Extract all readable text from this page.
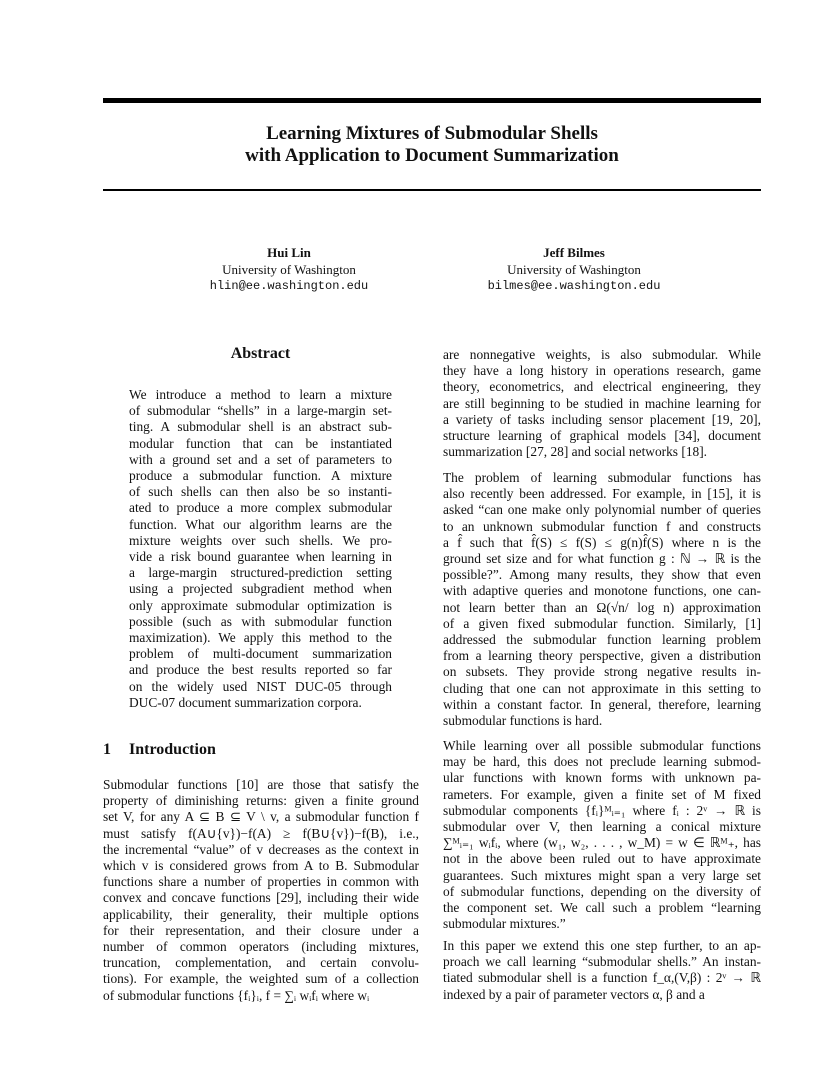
Learning Mixtures of Submodular Shells
with Application to Document Summarization
Hui Lin
University of Washington
hlin@ee.washington.edu
Jeff Bilmes
University of Washington
bilmes@ee.washington.edu
Abstract
We introduce a method to learn a mixture
of submodular “shells” in a large-margin set-
ting. A submodular shell is an abstract sub-
modular function that can be instantiated
with a ground set and a set of parameters to
produce a submodular function. A mixture
of such shells can then also be so instanti-
ated to produce a more complex submodular
function. What our algorithm learns are the
mixture weights over such shells. We pro-
vide a risk bound guarantee when learning in
a large-margin structured-prediction setting
using a projected subgradient method when
only approximate submodular optimization is
possible (such as with submodular function
maximization). We apply this method to the
problem of multi-document summarization
and produce the best results reported so far
on the widely used NIST DUC-05 through
DUC-07 document summarization corpora.
1 Introduction
Submodular functions [10] are those that satisfy the
property of diminishing returns: given a finite ground
set V, for any A ⊆ B ⊆ V \ v, a submodular function f
must satisfy f(A∪{v})−f(A) ≥ f(B∪{v})−f(B), i.e.,
the incremental “value” of v decreases as the context in
which v is considered grows from A to B. Submodular
functions share a number of properties in common with
convex and concave functions [29], including their wide
applicability, their generality, their multiple options
for their representation, and their closure under a
number of common operators (including mixtures,
truncation, complementation, and certain convolu-
tions). For example, the weighted sum of a collection
of submodular functions {fᵢ}ᵢ, f = ∑ᵢ wᵢfᵢ where wᵢ
are nonnegative weights, is also submodular. While
they have a long history in operations research, game
theory, econometrics, and electrical engineering, they
are still beginning to be studied in machine learning for
a variety of tasks including sensor placement [19, 20],
structure learning of graphical models [34], document
summarization [27, 28] and social networks [18].
The problem of learning submodular functions has
also recently been addressed. For example, in [15], it is
asked “can one make only polynomial number of queries
to an unknown submodular function f and constructs
a f̂ such that f̂(S) ≤ f(S) ≤ g(n)f̂(S) where n is the
ground set size and for what function g : ℕ → ℝ is the
possible?”. Among many results, they show that even
with adaptive queries and monotone functions, one can-
not learn better than an Ω(√n/ log n) approximation
of a given fixed submodular function. Similarly, [1]
addressed the submodular function learning problem
from a learning theory perspective, given a distribution
on subsets. They provide strong negative results in-
cluding that one can not approximate in this setting to
within a constant factor. In general, therefore, learning
submodular functions is hard.
While learning over all possible submodular functions
may be hard, this does not preclude learning submod-
ular functions with known forms with unknown pa-
rameters. For example, given a finite set of M fixed
submodular components {fᵢ}ᴹᵢ₌₁ where fᵢ : 2ᵛ → ℝ is
submodular over V, then learning a conical mixture
∑ᴹᵢ₌₁ wᵢfᵢ, where (w₁, w₂, . . . , w_M) = w ∈ ℝᴹ₊, has
not in the above been ruled out to have approximate
guarantees. Such mixtures might span a very large set
of submodular functions, depending on the diversity of
the component set. We call such a problem “learning
submodular mixtures.”
In this paper we extend this one step further, to an ap-
proach we call learning “submodular shells.” An instan-
tiated submodular shell is a function f_α,(V,β) : 2ᵛ → ℝ
indexed by a pair of parameter vectors α, β and a
